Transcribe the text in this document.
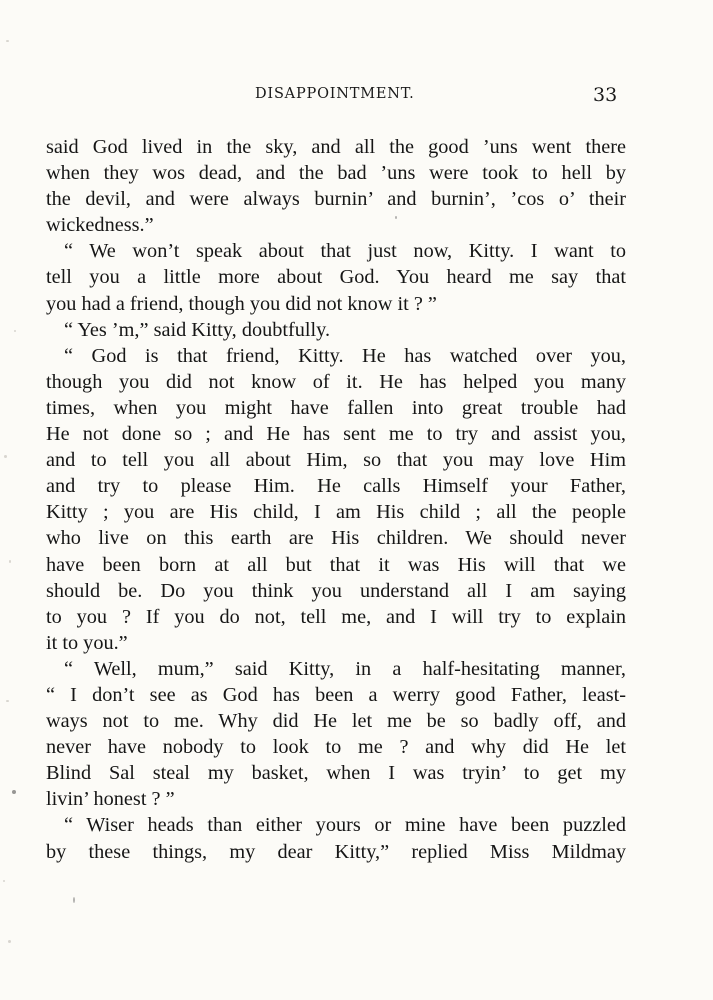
DISAPPOINTMENT.	33
said God lived in the sky, and all the good ’uns went there
when they wos dead, and the bad ’uns were took to hell by
the devil, and were always burnin’ and burnin’, ’cos o’ their
wickedness.”
“ We won’t speak about that just now, Kitty. I want to
tell you a little more about God. You heard me say that
you had a friend, though you did not know it ? ”
“ Yes ’m,” said Kitty, doubtfully.
“ God is that friend, Kitty. He has watched over you,
though you did not know of it. He has helped you many
times, when you might have fallen into great trouble had
He not done so ; and He has sent me to try and assist you,
and to tell you all about Him, so that you may love Him
and try to please Him. He calls Himself your Father,
Kitty ; you are His child, I am His child ; all the people
who live on this earth are His children. We should never
have been born at all but that it was His will that we
should be. Do you think you understand all I am saying
to you ? If you do not, tell me, and I will try to explain
it to you.”
“ Well, mum,” said Kitty, in a half-hesitating manner,
“ I don’t see as God has been a werry good Father, least-
ways not to me. Why did He let me be so badly off, and
never have nobody to look to me ? and why did He let
Blind Sal steal my basket, when I was tryin’ to get my
livin’ honest ? ”
“ Wiser heads than either yours or mine have been puzzled
by these things, my dear Kitty,” replied Miss Mildmay
